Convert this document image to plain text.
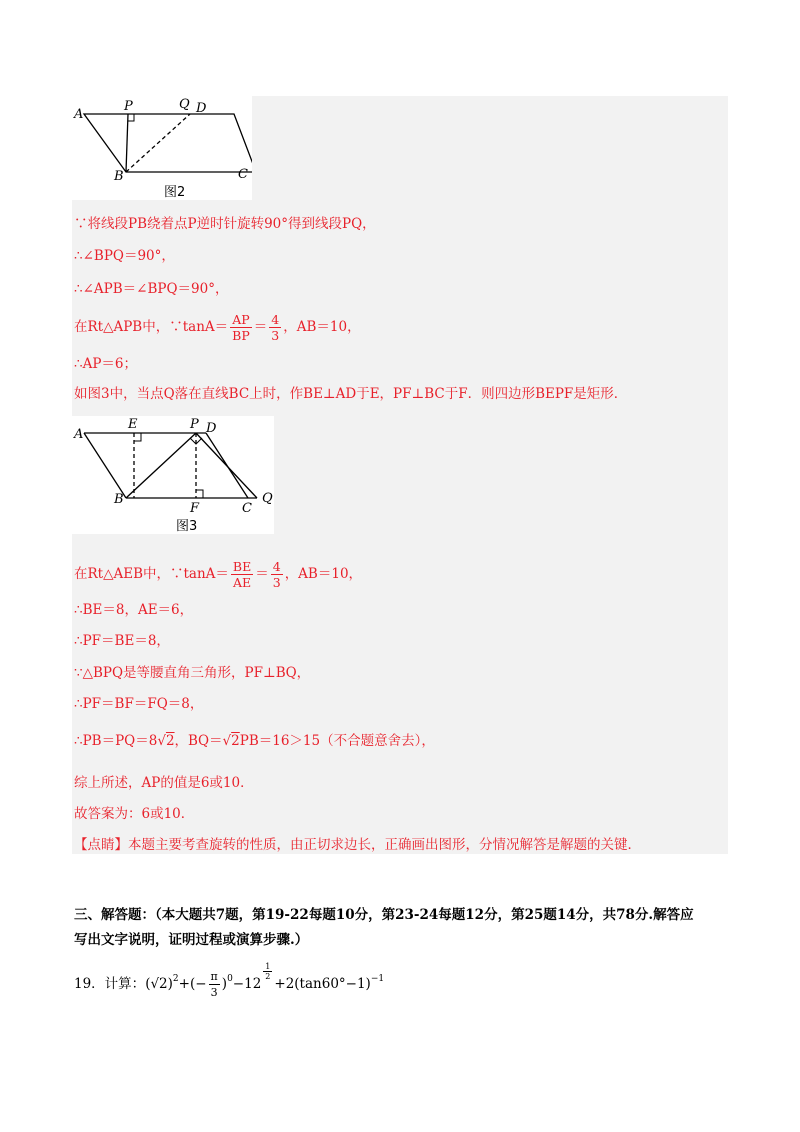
A
P	Q D
B	C
图2
∵将线段PB绕着点P逆时针旋转90°得到线段PQ，
∴∠BPQ＝90°，
∴∠APB＝∠BPQ＝90°，
在Rt△APB中，∵tanA＝ $\frac{AP}{BP} = \frac{4}{3}$ ，AB＝10，
∴AP＝6；
如图3中，当点Q落在直线BC上时，作BE⊥AD于E，PF⊥BC于F．则四边形BEPF是矩形．
A
E	P D
B
F	C
Q
图3
在Rt△AEB中，∵tanA＝ $\frac{BE}{AE} = \frac{4}{3}$ ，AB＝10，
∴BE＝8，AE＝6，
∴PF＝BE＝8，
∵△BPQ是等腰直角三角形，PF⊥BQ，
∴PF＝BF＝FQ＝8，
∴PB＝PQ＝8√2，BQ＝√2PB＝16＞15（不合题意舍去），
综上所述，AP的值是6或10．
故答案为：6或10．
【点睛】本题主要考查旋转的性质，由正切求边长，正确画出图形，分情况解答是解题的关键．
三、解答题：（本大题共7题，第19-22每题10分，第23-24每题12分，第25题14分，共78分.解答应
写出文字说明，证明过程或演算步骤.）
19．计算：$(√2)^2+(- \frac{\pi}{3} )^0-12$
$\frac{1}{2}$
$+2(\tan 60^\circ-1)^{-1}$
